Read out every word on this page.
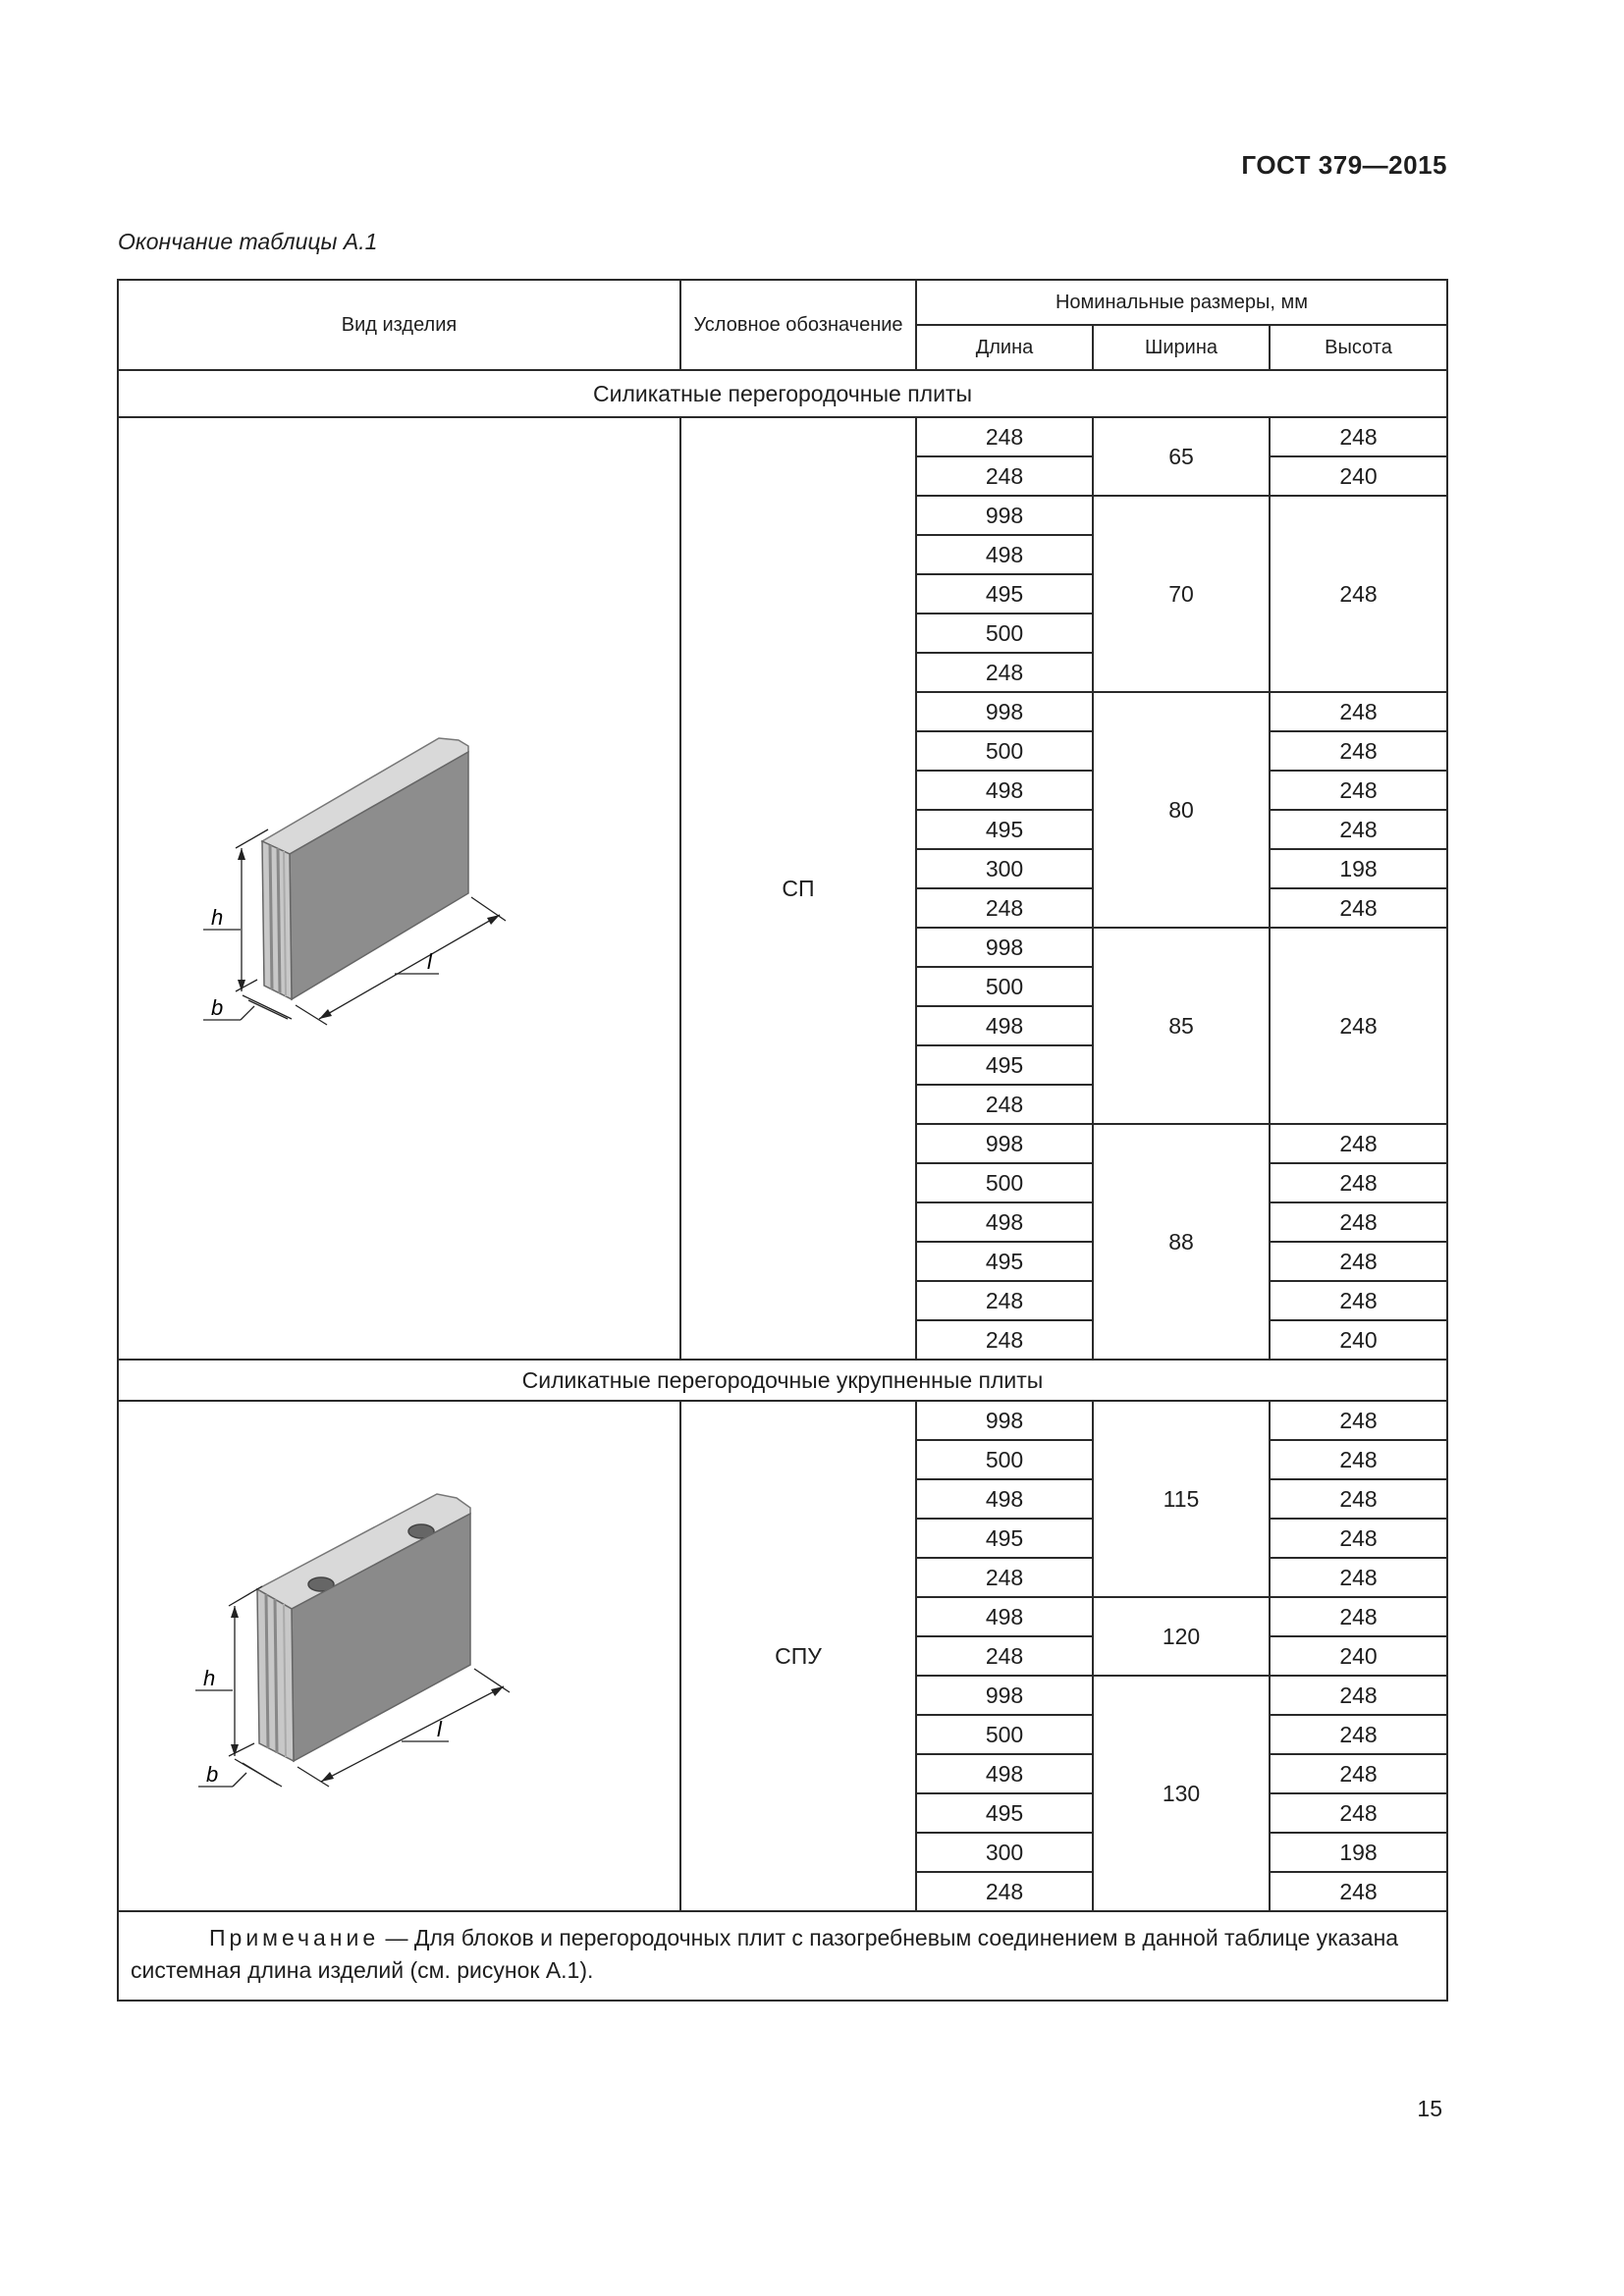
ГОСТ 379—2015
Окончание таблицы А.1
Вид изделия	Условное обозначение	Номинальные размеры, мм		
		Длина	Ширина	Высота
Силикатные перегородочные плиты				

h
b
l	СП	248	65	248
		248		240
		998	70	248
		498		
		495		
		500		
		248		
		998	80	248
		500		248
		498		248
		495		248
		300		198
		248		248
		998	85	248
		500		
		498		
		495		
		248		
		998	88	248
		500		248
		498		248
		495		248
		248		248
		248		240
Силикатные перегородочные укрупненные плиты				

h
b
l	СПУ	998	115	248
		500		248
		498		248
		495		248
		248		248
		498	120	248
		248		240
		998	130	248
		500		248
		498		248
		495		248
		300		198
		248		248
Примечание — Для блоков и перегородочных плит с пазогребневым соединением в данной таблице указана системная длина изделий (см. рисунок А.1).				
15
